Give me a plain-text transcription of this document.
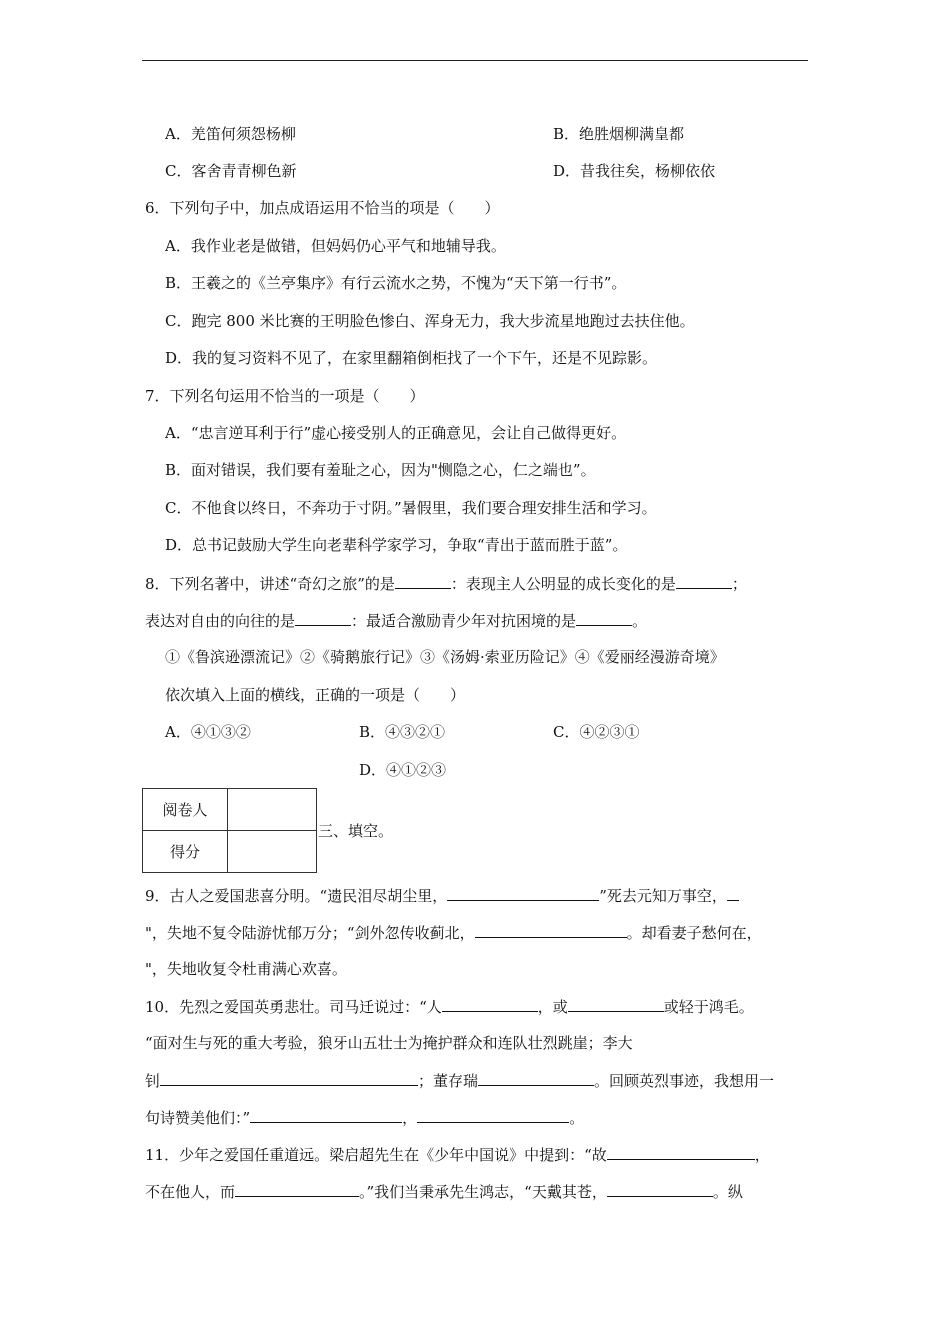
A．羌笛何须怨杨柳	B．绝胜烟柳满皇都
C．客舍青青柳色新	D．昔我往矣，杨柳依依
6．下列句子中，加点成语运用不恰当的项是（　　）
A．我作业老是做错，但妈妈仍心平气和地辅导我。
B．王羲之的《兰亭集序》有行云流水之势，不愧为“天下第一行书”。
C．跑完 800 米比赛的王明脸色惨白、浑身无力，我大步流星地跑过去扶住他。
D．我的复习资料不见了，在家里翻箱倒柜找了一个下午，还是不见踪影。
7．下列名句运用不恰当的一项是（　　）
A．“忠言逆耳利于行”虚心接受别人的正确意见，会让自己做得更好。
B．面对错误，我们要有羞耻之心，因为"恻隐之心，仁之端也”。
C．不他食以终日，不奔功于寸阴。”暑假里，我们要合理安排生活和学习。
D．总书记鼓励大学生向老辈科学家学习，争取“青出于蓝而胜于蓝”。
8．下列名著中，讲述“奇幻之旅”的是	：表现主人公明显的成长变化的是	；
表达对自由的向往的是	：最适合激励青少年对抗困境的是	。
①《鲁滨逊漂流记》②《骑鹅旅行记》③《汤姆·索亚历险记》④《爱丽经漫游奇境》
依次填入上面的横线，正确的一项是（　　）
A．④①③②	B．④③②①	C．④②③①
D．④①②③
阅卷人	
得分	
三、填空。
9．古人之爱国悲喜分明。“遗民泪尽胡尘里，	”死去元知万事空，
"，失地不复令陆游忧郁万分；“剑外忽传收蓟北，	。却看妻子愁何在，
"，失地收复令杜甫满心欢喜。
10．先烈之爱国英勇悲壮。司马迁说过：“人	，或	或轻于鸿毛。
“面对生与死的重大考验，狼牙山五壮士为掩护群众和连队壮烈跳崖；李大
钊	；董存瑞	。回顾英烈事迹，我想用一
句诗赞美他们：”	，	。
11．少年之爱国任重道远。梁启超先生在《少年中国说》中提到：“故	，
不在他人，而	。”我们当秉承先生鸿志，“天戴其苍，	。纵
